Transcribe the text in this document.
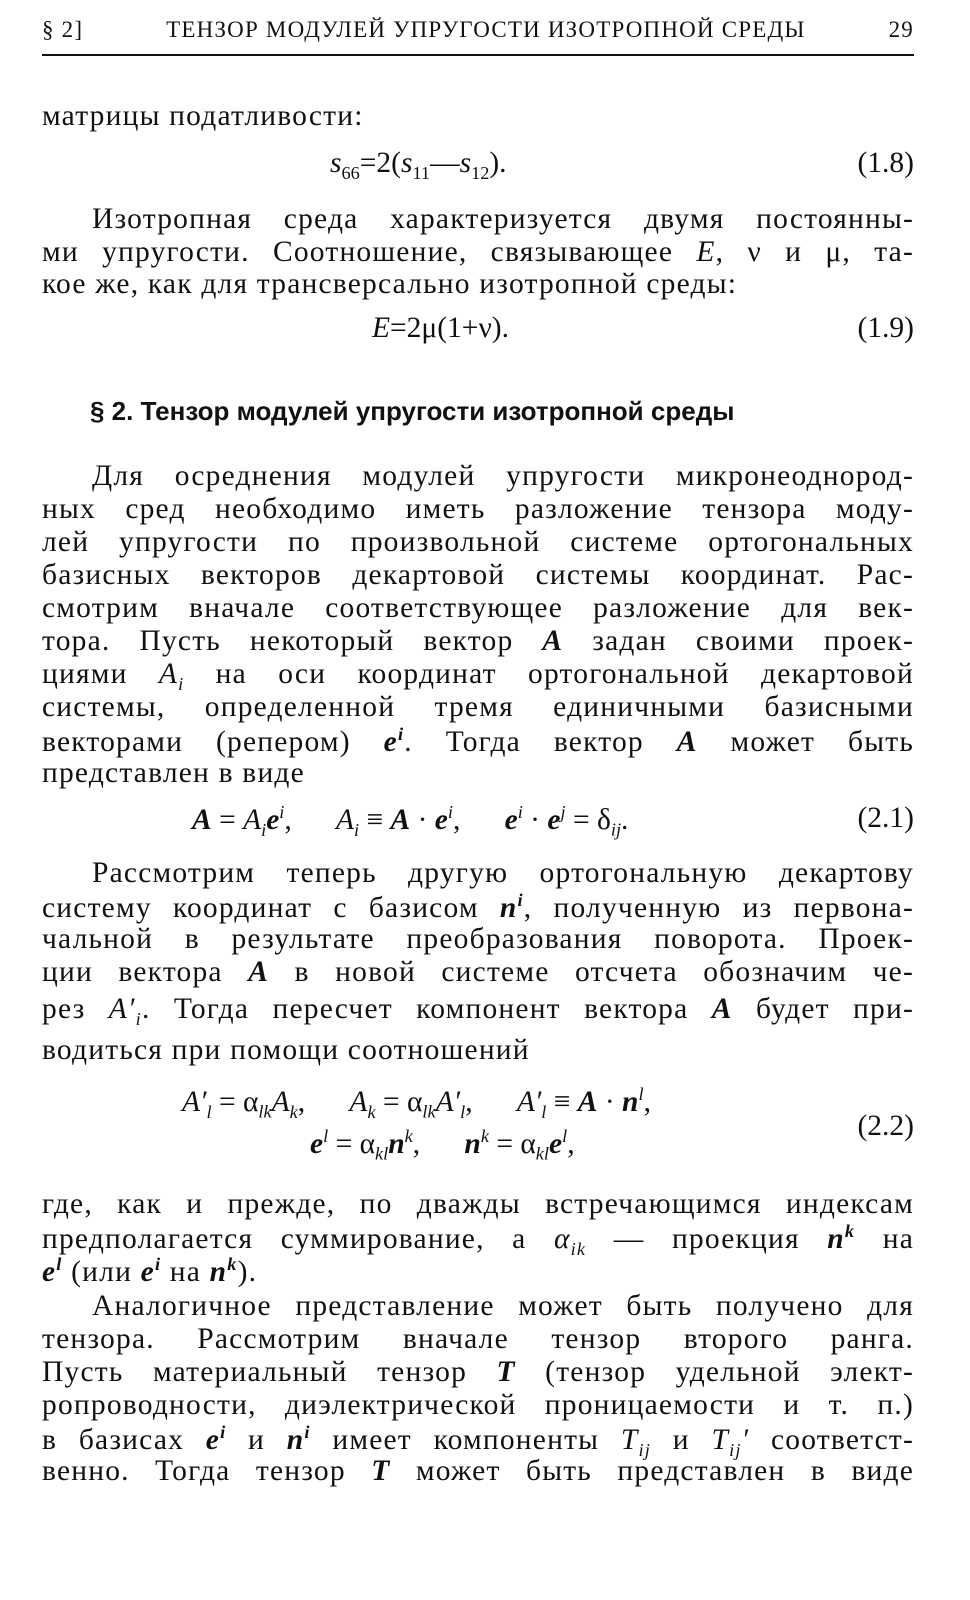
§ 2]	ТЕНЗОР МОДУЛЕЙ УПРУГОСТИ ИЗОТРОПНОЙ СРЕДЫ	29
матрицы податливости:
$s_{66}=2(s_{11}—s_{12})$.	(1.8)
Изотропная среда характеризуется двумя постоянны-
ми упругости. Соотношение, связывающее E, ν и μ, та-
кое же, как для трансверсально изотропной среды:
E=2μ(1+ν).	(1.9)
§ 2. Тензор модулей упругости изотропной среды
Для осреднения модулей упругости микронеоднород-
ных сред необходимо иметь разложение тензора моду-
лей упругости по произвольной системе ортогональных
базисных векторов декартовой системы координат. Рас-
смотрим вначале соответствующее разложение для век-
тора. Пусть некоторый вектор A задан своими проек-
циями $A_i$ на оси координат ортогональной декартовой
системы, определенной тремя единичными базисными
векторами (репером) $e^i$. Тогда вектор A может быть
представлен в виде
$A = A_ie^i$,      $A_i \equiv A \cdot e^i$,      $e^i \cdot e^j = \delta_{ij}$.	(2.1)
Рассмотрим теперь другую ортогональную декартову
систему координат с базисом $n^i$, полученную из первона-
чальной в результате преобразования поворота. Проек-
ции вектора A в новой системе отсчета обозначим че-
рез $A'_i$. Тогда пересчет компонент вектора A будет при-
водиться при помощи соотношений
$A'_l = \alpha_{lk}A_k$,      $A_k = \alpha_{lk}A'_l$,      $A'_l \equiv A \cdot n^l$,
$e^l = \alpha_{kl}n^k$,      $n^k = \alpha_{kl}e^l$,
(2.2)
где, как и прежде, по дважды встречающимся индексам
предполагается суммирование, а $\alpha_{ik}$ — проекция $n^k$ на
$e^l$ (или $e^i$ на $n^k$).
Аналогичное представление может быть получено для
тензора. Рассмотрим вначале тензор второго ранга.
Пусть материальный тензор T (тензор удельной элект-
ропроводности, диэлектрической проницаемости и т. п.)
в базисах $e^i$ и $n^i$ имеет компоненты $T_{ij}$ и $T_{ij}'$ соответст-
венно. Тогда тензор T может быть представлен в виде
